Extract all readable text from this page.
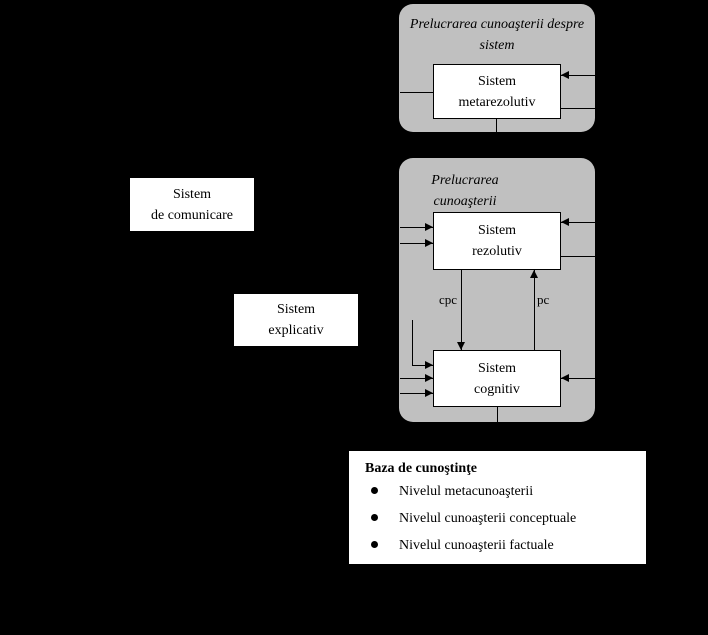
Prelucrarea cunoaşterii despre sistem
Sistem
metarezolutiv
Prelucrarea cunoaşterii
Sistem
de comunicare
Sistem
rezolutiv
cpc	pc
Sistem
explicativ
Sistem
cognitiv
Baza de cunoştinţe
Nivelul metacunoaşterii
Nivelul cunoaşterii conceptuale
Nivelul cunoaşterii factuale
